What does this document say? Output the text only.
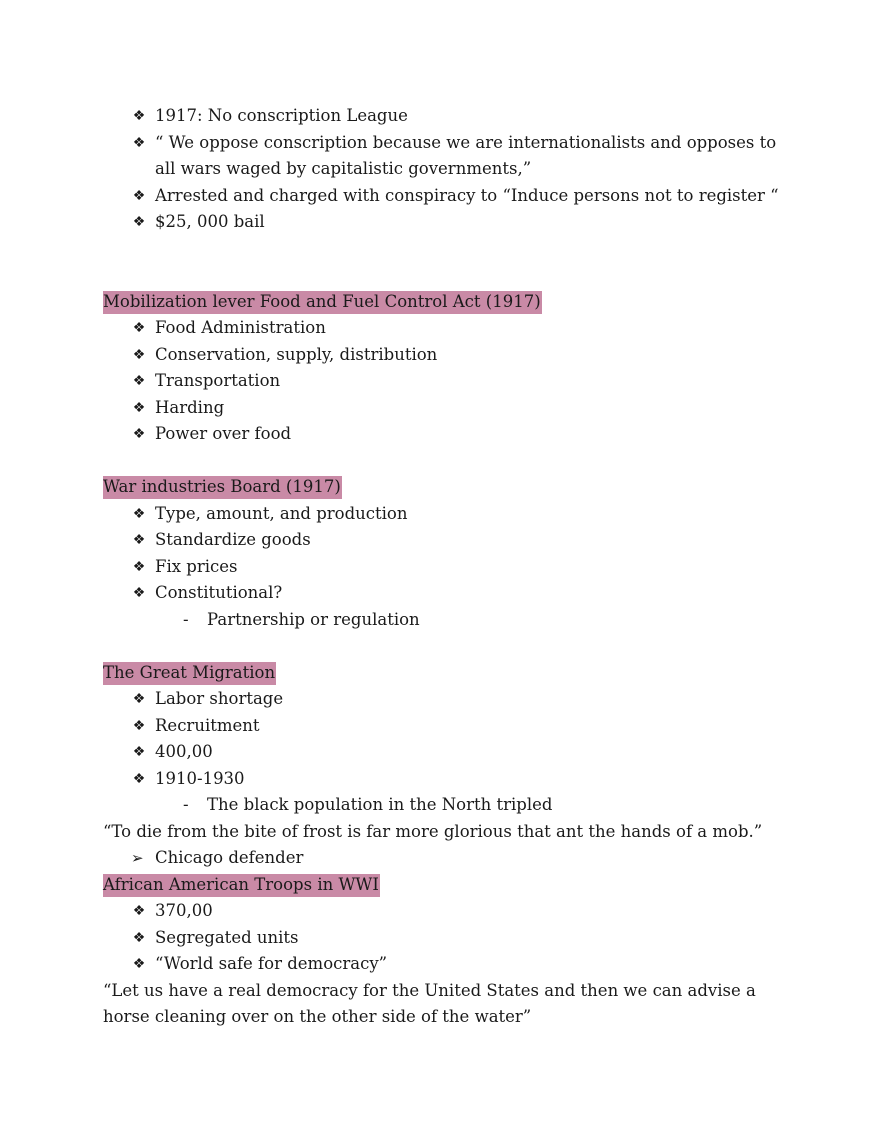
❖ 1917: No conscription League
❖ “ We oppose conscription because we are internationalists and opposes to all wars waged by capitalistic governments,”
❖ Arrested and charged with conspiracy to “Induce persons not to register “
❖ $25, 000 bail
Mobilization lever Food and Fuel Control Act (1917)
❖ Food Administration
❖ Conservation, supply, distribution
❖ Transportation
❖ Harding
❖ Power over food
War industries Board (1917)
❖ Type, amount, and production
❖ Standardize goods
❖ Fix prices
❖ Constitutional?
- Partnership or regulation
The Great Migration
❖ Labor shortage
❖ Recruitment
❖ 400,00
❖ 1910-1930
- The black population in the North tripled
“To die from the bite of frost is far more glorious that ant the hands of a mob.”
➢ Chicago defender
African American Troops in WWI
❖ 370,00
❖ Segregated units
❖ “World safe for democracy”
“Let us have a real democracy for the United States and then we can advise a horse cleaning over on the other side of the water”
